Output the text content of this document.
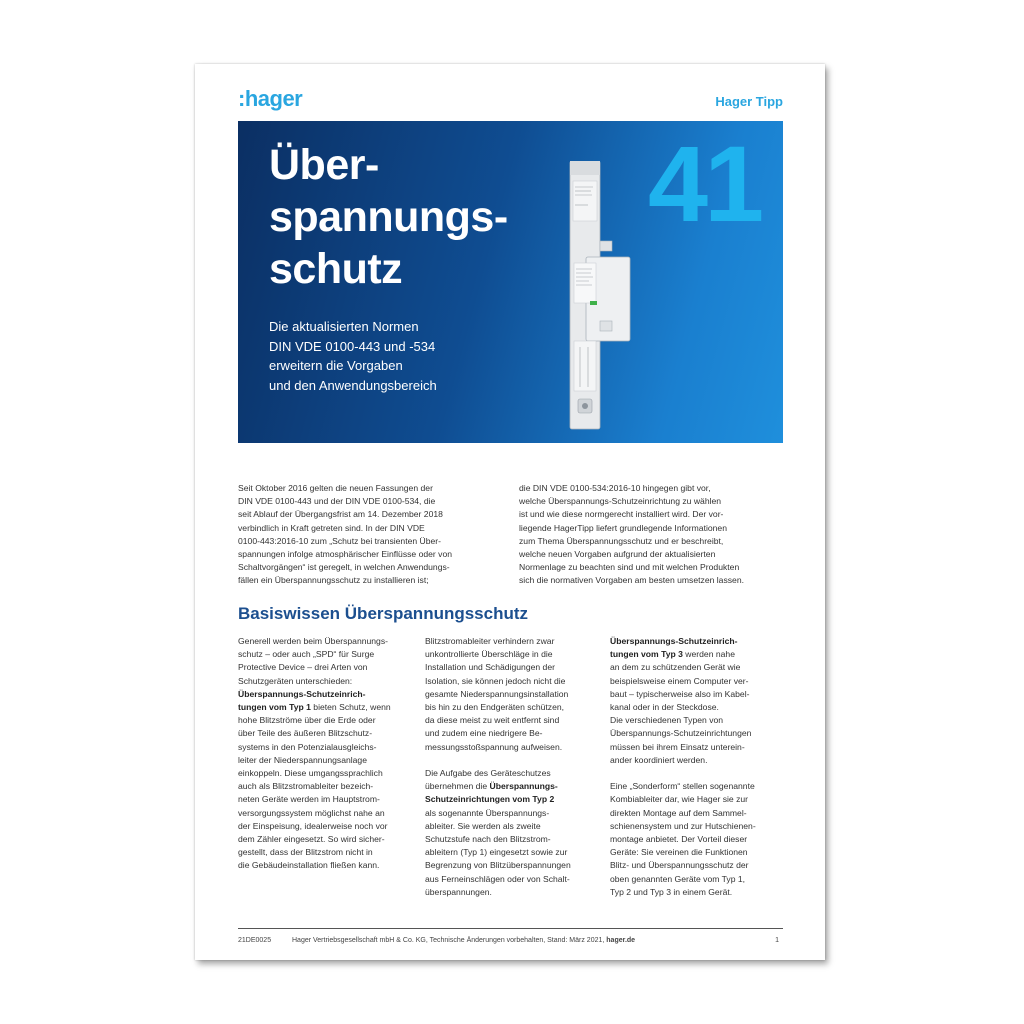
:hager	Hager Tipp
Über-
spannungs-
schutz

Die aktualisierten Normen
DIN VDE 0100-443 und -534
erweitern die Vorgaben
und den Anwendungsbereich

41
Seit Oktober 2016 gelten die neuen Fassungen der
DIN VDE 0100-443 und der DIN VDE 0100-534, die
seit Ablauf der Übergangsfrist am 14. Dezember 2018
verbindlich in Kraft getreten sind. In der DIN VDE
0100-443:2016-10 zum „Schutz bei transienten Über-
spannungen infolge atmosphärischer Einflüsse oder von
Schaltvorgängen“ ist geregelt, in welchen Anwendungs-
fällen ein Überspannungsschutz zu installieren ist;
die DIN VDE 0100-534:2016-10 hingegen gibt vor,
welche Überspannungs-Schutzeinrichtung zu wählen
ist und wie diese normgerecht installiert wird. Der vor-
liegende HagerTipp liefert grundlegende Informationen
zum Thema Überspannungsschutz und er beschreibt,
welche neuen Vorgaben aufgrund der aktualisierten
Normenlage zu beachten sind und mit welchen Produkten
sich die normativen Vorgaben am besten umsetzen lassen.
Basiswissen Überspannungsschutz
Generell werden beim Überspannungs-
schutz – oder auch „SPD“ für Surge
Protective Device – drei Arten von
Schutzgeräten unterschieden:
Überspannungs-Schutzeinrich-
tungen vom Typ 1 bieten Schutz, wenn
hohe Blitzströme über die Erde oder
über Teile des äußeren Blitzschutz-
systems in den Potenzialausgleichs-
leiter der Niederspannungsanlage
einkoppeln. Diese umgangssprachlich
auch als Blitzstromableiter bezeich-
neten Geräte werden im Hauptstrom-
versorgungssystem möglichst nahe an
der Einspeisung, idealerweise noch vor
dem Zähler eingesetzt. So wird sicher-
gestellt, dass der Blitzstrom nicht in
die Gebäudeinstallation fließen kann.
Blitzstromableiter verhindern zwar
unkontrollierte Überschläge in die
Installation und Schädigungen der
Isolation, sie können jedoch nicht die
gesamte Niederspannungsinstallation
bis hin zu den Endgeräten schützen,
da diese meist zu weit entfernt sind
und zudem eine niedrigere Be-
messungsstoßspannung aufweisen.
Die Aufgabe des Geräteschutzes
übernehmen die Überspannungs-
Schutzeinrichtungen vom Typ 2
als sogenannte Überspannungs-
ableiter. Sie werden als zweite
Schutzstufe nach den Blitzstrom-
ableitern (Typ 1) eingesetzt sowie zur
Begrenzung von Blitzüberspannungen
aus Ferneinschlägen oder von Schalt-
überspannungen.
Überspannungs-Schutzeinrich-
tungen vom Typ 3 werden nahe
an dem zu schützenden Gerät wie
beispielsweise einem Computer ver-
baut – typischerweise also im Kabel-
kanal oder in der Steckdose.
Die verschiedenen Typen von
Überspannungs-Schutzeinrichtungen
müssen bei ihrem Einsatz unterein-
ander koordiniert werden.
Eine „Sonderform“ stellen sogenannte
Kombiableiter dar, wie Hager sie zur
direkten Montage auf dem Sammel-
schienensystem und zur Hutschienen-
montage anbietet. Der Vorteil dieser
Geräte: Sie vereinen die Funktionen
Blitz- und Überspannungsschutz der
oben genannten Geräte vom Typ 1,
Typ 2 und Typ 3 in einem Gerät.
21DE0025	Hager Vertriebsgesellschaft mbH & Co. KG, Technische Änderungen vorbehalten, Stand: März 2021, hager.de	1
